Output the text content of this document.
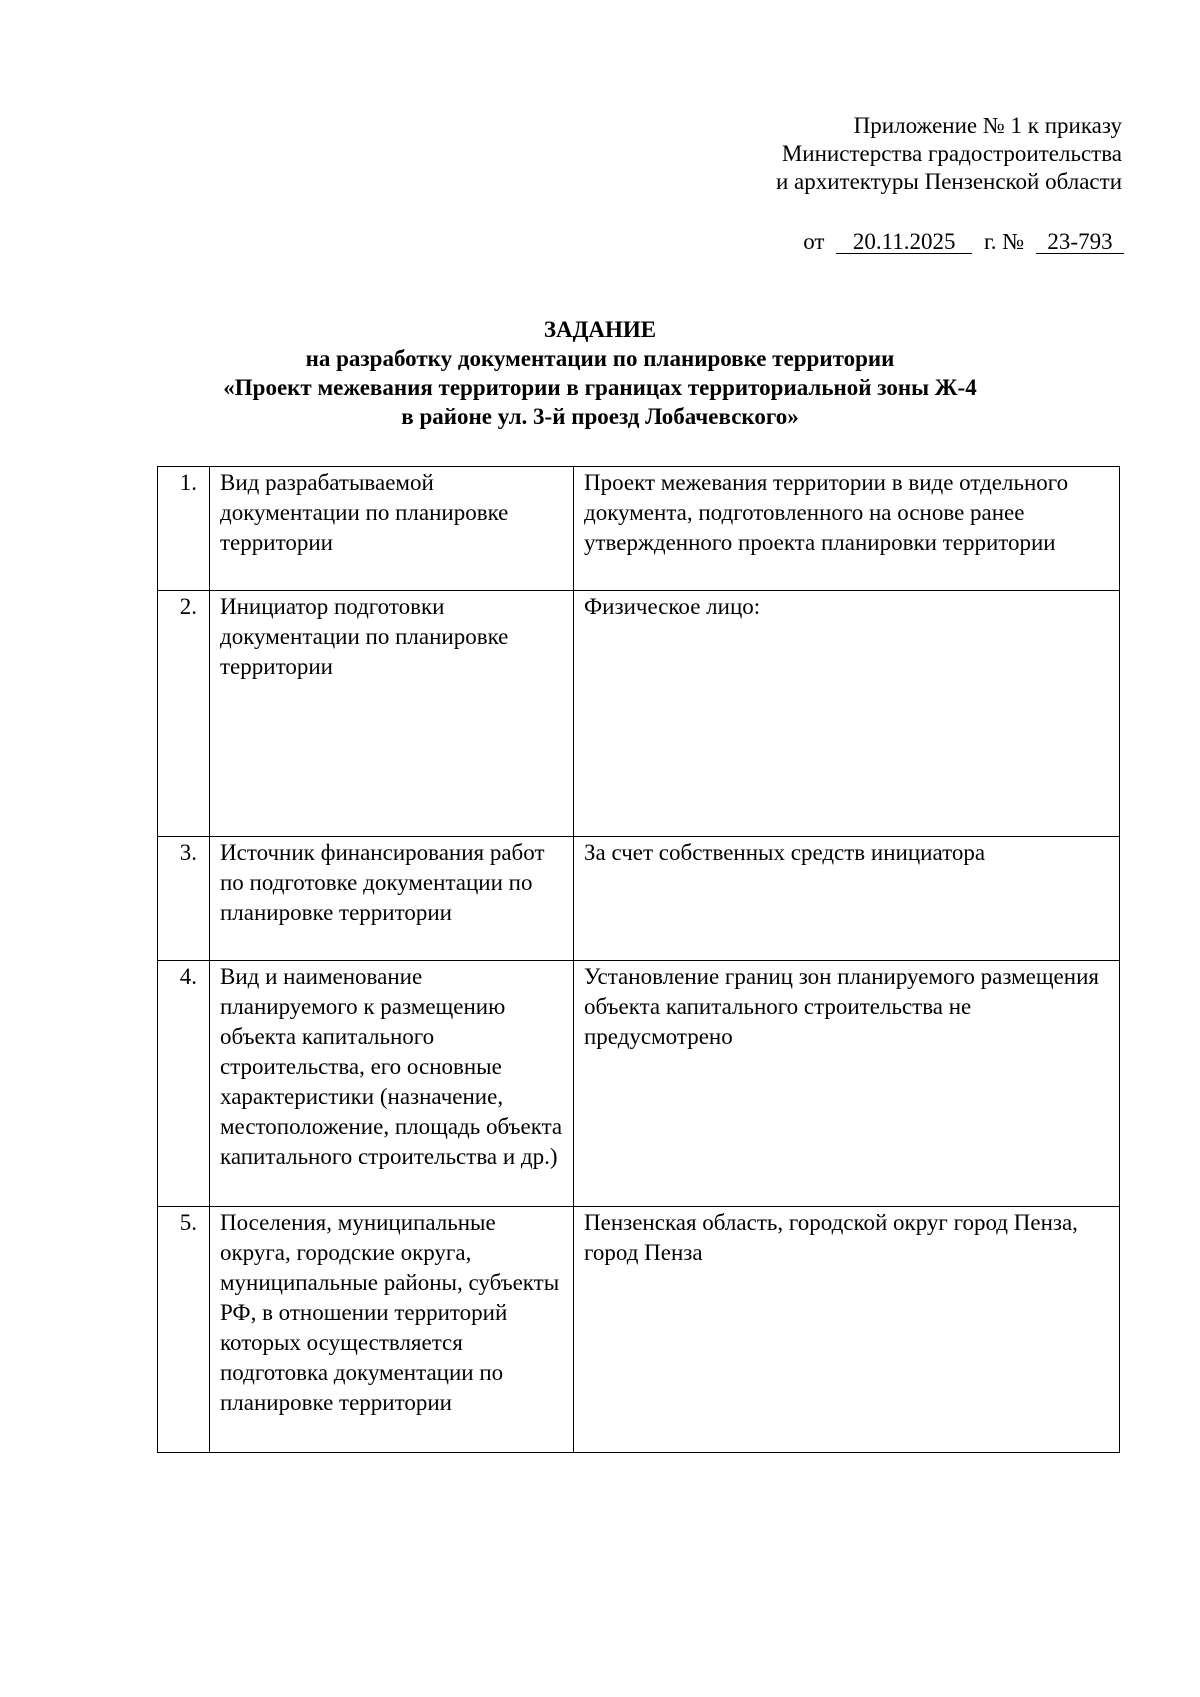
Приложение № 1 к приказу
Министерства градостроительства
и архитектуры Пензенской области
от 20.11.2025 г. № 23-793
ЗАДАНИЕ
на разработку документации по планировке территории
«Проект межевания территории в границах территориальной зоны Ж-4
в районе ул. 3-й проезд Лобачевского»
1.	Вид разрабатываемой документации по планировке территории	Проект межевания территории в виде отдельного документа, подготовленного на основе ранее утвержденного проекта планировки территории
2.	Инициатор подготовки документации по планировке территории	Физическое лицо:
3.	Источник финансирования работ по подготовке документации по планировке территории	За счет собственных средств инициатора
4.	Вид и наименование планируемого к размещению объекта капитального строительства, его основные характеристики (назначение, местоположение, площадь объекта капитального строительства и др.)	Установление границ зон планируемого размещения объекта капитального строительства не предусмотрено
5.	Поселения, муниципальные округа, городские округа, муниципальные районы, субъекты РФ, в отношении территорий которых осуществляется подготовка документации по планировке территории	Пензенская область, городской округ город Пенза, город Пенза
